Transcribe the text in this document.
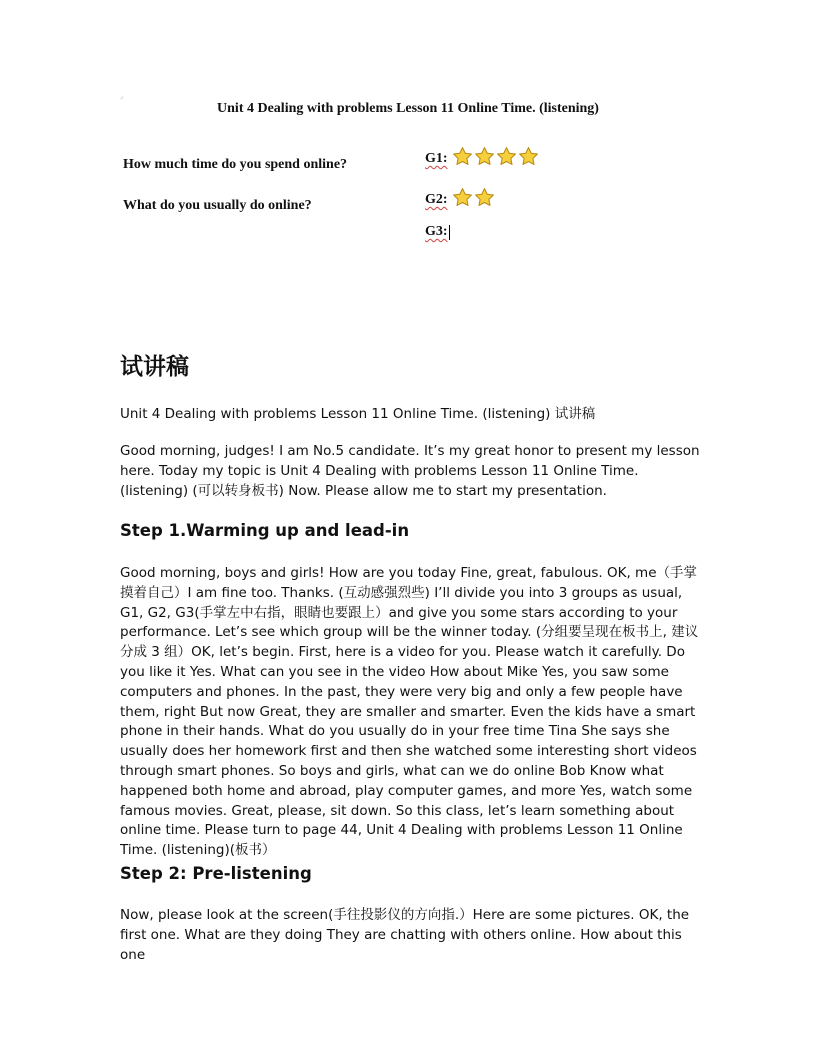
⌟
Unit 4 Dealing with problems Lesson 11 Online Time. (listening)
How much time do you spend online?
What do you usually do online?
G1:
G2:
G3:
试讲稿

Unit 4 Dealing with problems Lesson 11 Online Time. (listening) 试讲稿

Good morning, judges! I am No.5 candidate. It’s my great honor to present my lesson here. Today my topic is Unit 4 Dealing with problems Lesson 11 Online Time. (listening) (可以转身板书) Now. Please allow me to start my presentation.

Step 1.Warming up and lead-in

Good morning, boys and girls! How are you today Fine, great, fabulous. OK, me（手掌摸着自己）I am fine too. Thanks. (互动感强烈些) I’ll divide you into 3 groups as usual, G1, G2, G3(手掌左中右指，眼睛也要跟上）and give you some stars according to your performance. Let’s see which group will be the winner today. (分组要呈现在板书上, 建议分成 3 组）OK, let’s begin. First, here is a video for you. Please watch it carefully. Do you like it Yes. What can you see in the video How about Mike Yes, you saw some computers and phones. In the past, they were very big and only a few people have them, right But now Great, they are smaller and smarter. Even the kids have a smart phone in their hands. What do you usually do in your free time Tina She says she usually does her homework first and then she watched some interesting short videos through smart phones. So boys and girls, what can we do online Bob Know what happened both home and abroad, play computer games, and more Yes, watch some famous movies. Great, please, sit down. So this class, let’s learn something about online time. Please turn to page 44, Unit 4 Dealing with problems Lesson 11 Online Time. (listening)(板书）

Step 2: Pre-listening

Now, please look at the screen(手往投影仪的方向指.）Here are some pictures. OK, the first one. What are they doing They are chatting with others online. How about this one
